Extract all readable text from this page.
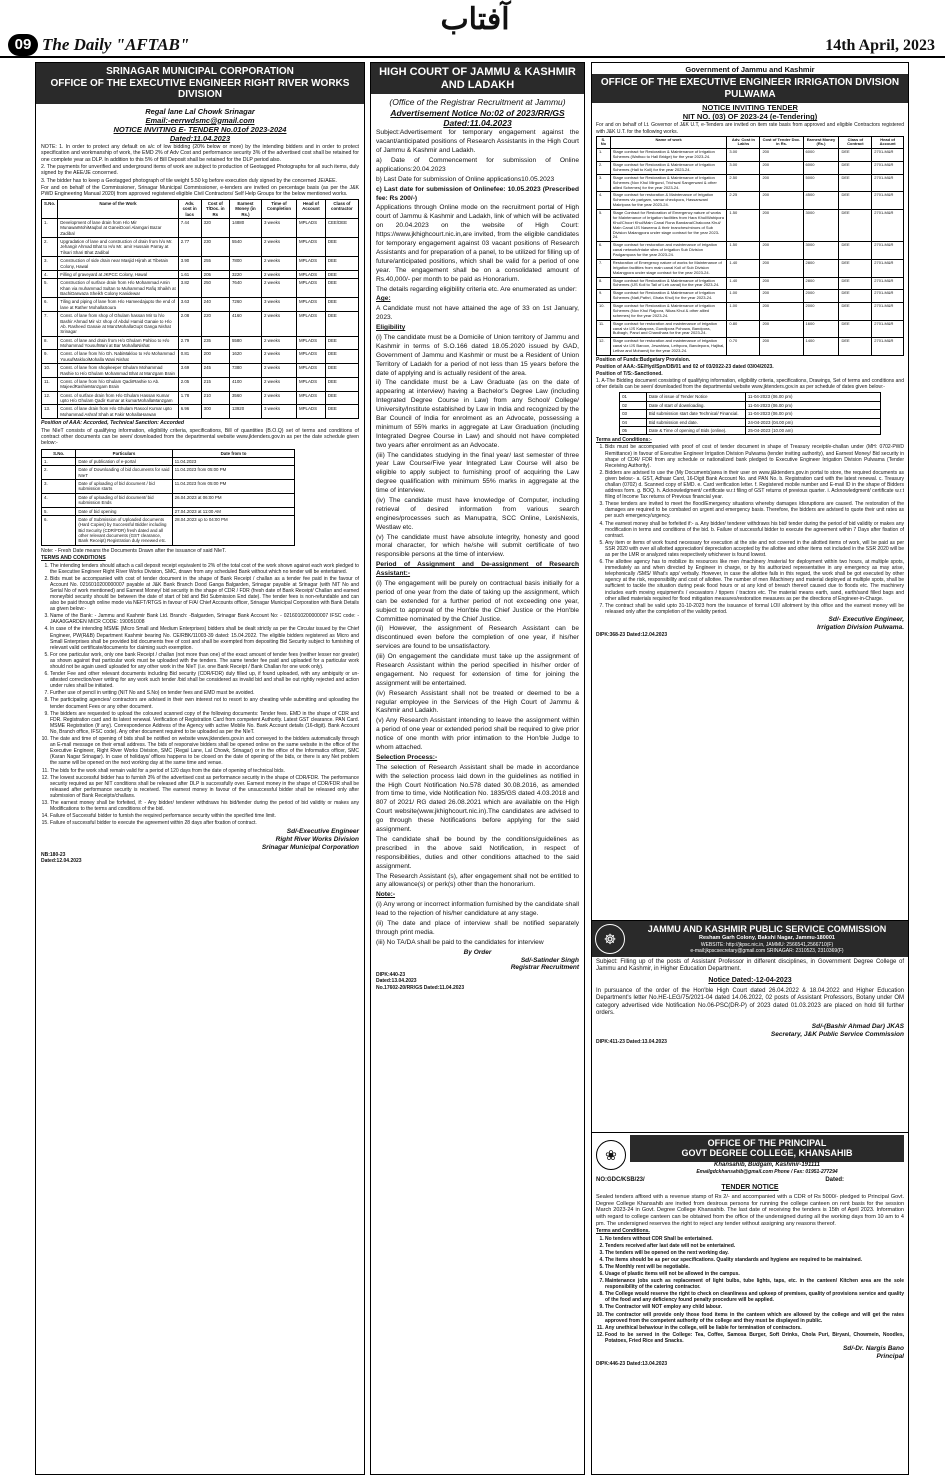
09 The Daily "AFTAB"
آفتاب
14th April, 2023
SRINAGAR MUNICIPAL CORPORATION
OFFICE OF THE EXECUTIVE ENGINEER RIGHT RIVER WORKS DIVISION
Regal lane Lal Chowk Srinagar
Email:-eerrwdsmc@gmail.com
NOTICE INVITING E- TENDER No.01of 2023-2024
Dated:11.04.2023

NOTE: 1. In order to protect any default on a/c of low bidding (20% below or more) by the intending bidders and in order to protect specification and workmanship of work, the EMD 2% of Adv Cost and performance security 3% of the advertised cost shall be retained for one complete year as DLP. In addition to this 5% of Bill Deposit shall be retained for the DLP period also.

2. The payments for unverified and underground items of work are subject to production of Geotagged Photographs for all such items, duly signed by the AEE/JE concerned.

3. The bidder has to keep a Geotagged photograph of tile weight 5.50 kg before execution duly signed by the concerned JE/AEE.

For and on behalf of the Commissioner, Srinagar Municipal Commissioner, e-tenders are invited on percentage basis (as per the J&K PWD Engineering Manual 2020) from approved registered eligible Civil Contractors/ Self Help Groups for the below mentioned works.

S.No.	Name of the Work	Adv. cost in lacs	Cost of T/Doc. in Rs	Earnest Money (in Rs.)	Time of Completion	Head of Account	Class of contractor
1.	Development of lane drain from H/o Mir MunawarMohiMaqbol at GaneiDoori Alamgari Bazar Zadibal	7.44	320	14880	3 weeks	MPLADS	CEE/DEE
2.	Upgradation of lane and construction of drain from h/o Mr. Jehangir Ahmad Bhat to H/o Mr. amir Hussain Parray at Tilsari Shari Bhat Zadibal	2.77	230	5540	2 weeks	MPLADS	DEE
3.	Construction of side drain near Masjid Hijrah at Tibetain Colony, Hawal	3.90	255	7800	2 weeks	MPLADS	DEE
4.	Filling of graveyard at JKPCC Colony, Hawal	1.61	205	3220	2 weeks	MPLADS	DEE
5.	Construction of surface drain from H/o Mohammad Amin Khan via muhammad Sultan to Muhammad Rafiq Shaikh at BachiDarwaza Sheikh Colony Kanidewar	3.82	250	7640	2 weeks	MPLADS	DEE
6.	Tiling and piping of lane from H/o Hameedajupto the end of lane at Rather MohallaSoura	3.63	240	7260	3 weeks	MPLADS	DEE
7.	Const. of lane from shop of Ghulam hassan Mir to h/o Bashir Ahmad Mir viz shop of Abdul Hamid Ganaie to H/o Ab. Rasheed Ganaie at ManzMohallaGupt Ganga Nishat Srinagar	2.08	220	4160	2 weeks	MPLADS	DEE
8.	Const. of lane and drain from H/o Ghulam Pahloo to H/o Mohammad YousufWani at Bar MohallaNishat	2.79	235	5580	2 weeks	MPLADS	DEE
9.	Const. of lane from h/o Gh. NabiMakloo to H/o Mohammad YousufMakloolMohalla Wani Nishat	0.81	200	1620	2 weeks	MPLADS	DEE
10.	Const. of lane from shopkeeper Ghulam Mohammad Rashie to H/o Ghulam Mohammad Bhat at Manzgam Brain	3.69	245	7380	2 weeks	MPLADS	DEE
11.	Const. of lane from h/o Ghulam QadirRashie to Ab. MajeedRashieManzgam Brain	2.05	215	4100	2 weeks	MPLADS	DEE
12.	Const. of surface drain from H/o Ghulam Hassan Kumar upto H/o Ghulam Qadir Kumar at kumarMohallaManzgam	1.78	210	3560	2 weeks	MPLADS	DEE
13.	Const. of lane drain from H/o Ghulam Rasool Kumar upto Mohammad Ashraf Shah at Fakir MohallaHarwan	6.96	300	13920	3 weeks	MPLADS	DEE

Position of AAA: Accorded, Technical Sanction: Accorded

The NIeT consists of qualifying information, eligibility criteria, specifications, Bill of quantities (B.O.Q) set of terms and conditions of contract other documents can be seen/ downloaded from the departmental website www.jktenders.gov.in as per the date schedule given below:-

S.No.	Particulars	Date from to
1.	Date of publication of e-portal	11.04.2023
2.	Date of Downloading of bid documents for said NIeT	11.04.2023 from 05:00 PM
3.	Date of uploading of bid document / bid submission starts	11.04.2023 from 05:00 PM
4.	Date of uploading of bid document/ bid submission Ends	26.04.2023 at 06:00 PM
5.	Date of bid opening	27.04.2023 at 11:00 AM
6.	Date of Submission of Uploaded documents (Hard Copies) by Successful Bidder including Bid Security (CDR/FDR) fresh dated and all other relevant documents (GST clearance, Bank Receipt) Registration duly renewed etc.	28.04.2023 up to 04:00 PM

Note: - Fresh Date means the Documents Drawn after the issuance of said NIeT.

TERMS AND CONDITIONS

1. The intending tenders should attach a call deposit receipt equivalent to 2% of the total cost of the work shown against each work pledged to the Executive Engineer Right River Works Division, SMC, drawn from any scheduled Bank without which no tender will be entertained.
2. Bids must be accompanied with cost of tender document in the shape of Bank Receipt / challan as a tender fee paid in the favour of Account No. 0216010200000007 payable at J&K Bank Branch Dood Ganga Balgarden, Srinagar payable at Srinagar (with NIT No and Serial No of work mentioned) and Earnest Money/ bid security in the shape of CDR / FDR (fresh date of Bank Receipt/ Challan and earned money/bid security should be between the date of start of bid and Bid Submission End date). The tender fees is non-refundable and can also be paid through online mode via NEFT/RTGS in favour of F/A/ Chief Accounts officer, Srinagar Municipal Corporation with Bank Details as given below:-
3. Name of the Bank: - Jammu and Kashmir Bank Ltd. Branch: -Balgarden, Srinagar Bank Account No: - 0216010200000007 IFSC code: -JAKA0GARDEN MICR CODE: 190051008
4. In case of the intending MSME (Micro Small and Medium Enterprises) bidders shall be dealt strictly as per the Circular issued by the Chief Engineer, PW(R&B) Department Kashmir bearing No. CE/RBK/11003-39 dated: 15.04.2022. The eligible bidders registered as Micro and Small Enterprises shall be provided bid documents free of cost and shall be exempted from depositing Bid Security subject to furnishing of relevant valid certificate/documents for claiming such exemption.
5. For one particular work, only one bank Receipt / challan (not more than one) of the exact amount of tender fees (neither lesser nor greater) as shown against that particular work must be uploaded with the tenders. The same tender fee paid and uploaded for a particular work should not be again used/ uploaded for any other work in the NIeT (i.e. one Bank Receipt / Bank Challan for one work only).
6. Tender Fee and other relevant documents including Bid security (CDR/FDR) duly filled up, if found uploaded, with any ambiguity or un-attested correction/over writing for any work such tender /bid shall be considered as invalid bid and shall be out rightly rejected and action under rules shall be initiated.
7. Further use of pencil in writing (NIT No and S.No) on tender fees and EMD must be avoided.
8. The participating agencies/ contractors are advised in their own interest not to resort to any cheating while submitting and uploading the tender document Fees or any other document.
9. The bidders are requested to upload the coloured scanned copy of the following documents: Tender fees. EMD in the shape of CDR and FDR. Registration card and its latest renewal. Verification of Registration Card from competent Authority. Latest GST clearance. PAN Card. MSME Registration (If any). Correspondence Address of the Agency with active Mobile No. Bank Account details (16-digit). Bank Account No, Branch office, IFSC code). Any other document required to be uploaded as per the NIeT.
10. The date and time of opening of bids shall be notified on website www.jktenders.gov.in and conveyed to the bidders automatically through an E-mail message on their email address. The bids of responsive bidders shall be opened online on the same website in the office of the Executive Engineer, Right River Works Division, SMC (Regal Lane, Lal Chowk, Srinagar) or in the office of the Informatics officer, SMC (Karan Nagar Srinagar). In case of holidays/ offices happens to be closed on the date of opening of the bids, or there is any Net problem the same will be opened on the next working day at the same time and venue.
11. The bids for the work shall remain valid for a period of 120 days from the date of opening of technical bids.
12. The lowest successful bidder has to furnish 3% of the advertised cost as performance security in the shape of CDR/FDR. The performance security required as per NIT conditions shall be released after DLP is successfully over. Earnest money in the shape of CDR/FDR shall be released after performance security is received. The earnest money in favour of the unsuccessful bidder shall be released only after submission of Bank Receipts/challans.
13. The earnest money shall be forfeited, if: - Any bidder/ tenderer withdraws his bid/tender during the period of bid validity or makes any Modifications to the terms and conditions of the bid.
14. Failure of Successful bidder to furnish the required performance security within the specified time limit.
15. Failure of successful bidder to execute the agreement within 28 days after fixation of contract.
Sd/-Executive Engineer
Right River Works Division
Srinagar Municipal Corporation
NB:180-23
Dated:12.04.2023
HIGH COURT OF JAMMU & KASHMIR AND LADAKH
(Office of the Registrar Recruitment at Jammu)
Advertisement Notice No:02 of 2023/RR/GS
Dated:11.04.2023

Subject:Advertisement for temporary engagement against the vacant/anticipated positions of Research Assistants in the High Court of Jammu & Kashmir and Ladakh.

a) Date of Commencement for submission of Online applications:20.04.2023

b) Last Date for submission of Online applications10.05.2023

c) Last date for submission of Onlinefee: 10.05.2023 (Prescribed fee: Rs 200/-)

Applications through Online mode on the recruitment portal of High court of Jammu & Kashmir and Ladakh, link of which will be activated on 20.04.2023 on the website of High Court: https://www.jkhighcourt.nic.in,are invited, from the eligible candidates for temporary engagement against 03 vacant positions of Research Assistants and for preparation of a panel, to be utilized for filling up of future/anticipated positions, which shall be valid for a period of one year. The engagement shall be on a consolidated amount of Rs.40,000/- per month to be paid as Honorarium.

The details regarding eligibility criteria etc. Are enumerated as under:

Age:

A Candidate must not have attained the age of 33 on 1st January, 2023.

Eligibility

(i) The candidate must be a Domicile of Union territory of Jammu and Kashmir in terms of S.O.166 dated 18.05.2020 issued by GAD, Government of Jammu and Kashmir or must be a Resident of Union Territory of Ladakh for a period of not less than 15 years before the date of applying and is actually resident of the area.

ii) The candidate must be a Law Graduate (as on the date of appearing at interview) having a Bachelor's Degree Law (including Integrated Degree Course in Law) from any School/ College/ University/Institute established by Law in India and recognized by the Bar Council of India for enrolment as an Advocate, possessing a minimum of 55% marks in aggregate at Law Graduation (including Integrated Degree Course in Law) and should not have completed two years after enrolment as an Advocate.

(iii) The candidates studying in the final year/ last semester of three year Law Course/Five year Integrated Law Course will also be eligible to apply subject to furnishing proof of acquiring the Law degree qualification with minimum 55% marks in aggregate at the time of interview.

(iv) The candidate must have knowledge of Computer, including retrieval of desired information from various search engines/processes such as Manupatra, SCC Online, LexisNexis, Westlaw etc.

(v) The candidate must have absolute integrity, honesty and good moral character, for which he/she will submit certificate of two responsible persons at the time of interview.

Period of Assignment and De-assignment of Research Assistant:-

(i) The engagement will be purely on contractual basis initially for a period of one year from the date of taking up the assignment, which can be extended for a further period of not exceeding one year, subject to approval of the Hon'ble the Chief Justice or the Hon'ble Committee nominated by the Chief Justice.

(ii) However, the assignment of Research Assistant can be discontinued even before the completion of one year, if his/her services are found to be unsatisfactory.

(iii) On engagement the candidate must take up the assignment of Research Assistant within the period specified in his/her order of engagement. No request for extension of time for joining the assignment will be entertained.

(iv) Research Assistant shall not be treated or deemed to be a regular employee in the Services of the High Court of Jammu & Kashmir and Ladakh.

(v) Any Research Assistant intending to leave the assignment within a period of one year or extended period shall be required to give prior notice of one month with prior intimation to the Hon'ble Judge to whom attached.

Selection Process:-

The selection of Research Assistant shall be made in accordance with the selection process laid down in the guidelines as notified in the High Court Notification No.578 dated 30.08.2016, as amended from time to time, vide Notification No. 1835/GS dated 4.03.2018 and 807 of 2021/ RG dated 26.08.2021 which are available on the High Court website(www.jkhighcourt.nic.in).The candidates are advised to go through these Notifications before applying for the said assignment.

The candidate shall be bound by the conditions/guidelines as prescribed in the above said Notification, in respect of responsibilities, duties and other conditions attached to the said assignment.

The Research Assistant (s), after engagement shall not be entitled to any allowance(s) or perk(s) other than the honorarium.

Note:-

(i) Any wrong or incorrect information furnished by the candidate shall lead to the rejection of his/her candidature at any stage.

(ii) The date and place of interview shall be notified separately through print media.

(iii) No TA/DA shall be paid to the candidates for interview

By Order
Sd/-Satinder Singh
Registrar Recruitment
DIPK:440-23
Dated:13.04.2023
No.17602-20/RR/GS Dated:11.04.2023
Government of Jammu and Kashmir
OFFICE OF THE EXECUTIVE ENGINEER IRRIGATION DIVISION PULWAMA
NOTICE INVITING TENDER
NIT NO. (03) OF 2023-24 (e-Tendering)

For and on behalf of Lt. Governor of J&K U.T, e-Tenders are invited on item rate basis from approved and eligible Contractors registered with J&K U.T. for the following works.

S. No	Name of work	Adv. Cost in Lakhs	Cost of Tender Doc. in Rs.	Earnest Money (Rs.)	Class of Contract	Head of Account
1.	Stage contract for Restoration & Maintenance of Irrigation Schemes (Wathoo to Hall Bridge) for the year 2023-24.	3.00	200	6000	DEE	2701-M&R
2.	Stage contract for Restoration & Maintenance of Irrigation Schemes (Hall to Koil) for the year 2023-24.	3.00	200	6000	DEE	2701-M&R
3.	Stage contract for Restoration & Maintenance of Irrigation Schemes (Nov Khul Mirgund, Trichwal Sangerwani & other allied Schemes) for the year 2023-24.	2.50	200	5000	DEE	2701-M&R
4.	Stage contract for restoration & Maintenance of Irrigation Schemes viz parigam, vamar checkpora, Hassanwani Makripora for the year 2023-24.	2.25	200	4500	DEE	2701-M&R
5.	Stage Contract for Restoration of Emergency nature of works for Maintenance of Irrigation facilities from Hara Khul/Wahipora Khul/Choori Khul/Main Canal Rona Bandana/Chakoora Khul/ Main Canal IJS Naseena & their branches/minors of Sub Division Malangpora under stage contract for the year 2023-24.	1.50	200	3000	DEE	2701-M&R
6.	Stage contract for restoration and maintenance of irrigation canal network/intake sites of Irrigation Sub Division Padgampora for the year 2023-24.	1.50	200	3000	DEE	2701-M&R
7.	Restoration of Emergency nature of works for Maintenance of Irrigation facilities from main canal Koil of Sub Division Malangpora under stage contract for the year 2023-24.	1.40	200	2800	DEE	2701-M&R
8.	Stage contract for Restoration & Maintenance of Irrigation Schemes (IJS Koil to Tail of Leh canal) for the year 2023-24.	1.40	200	2800	DEE	2701-M&R
9.	Stage contract for Restoration & Maintenance of Irrigation Schemes (Nati,Pathri, Ghata Khul) for the year 2023-24.	1.00	200	2000	DEE	2701-M&R
10.	Stage contract for Restoration & Maintenance of Irrigation Schemes (Nov Khul Rajpora, Nikas Khul & other allied schemes) for the year 2023-24.	1.00	200	2000	DEE	2701-M&R
11.	Stage contract for restoration and maintenance of irrigation canal viz IJS Kakapora, Gundipora Pohowa, Bandpora, Bulbagh, Panzi and Chandhara for the year 2023-24.	0.80	200	1600	DEE	2701-M&R
12.	Stage contract for restoration and maintenance of irrigation canal viz IJS Baroon, Jewahiwa, Lethpora, Bandepora, Hajibal, Lethar and Mohanvij for the year 2023-24.	0.70	200	1400	DEE	2701-M&R

Position of Funds:Budgetary Provision.

Position of AAA:-SE/Hyd/Spn/DB/01 and 02 of 03/2022-23 dated 03/04/2023.

Position of T/S:-Sanctioned.

1. A-The Bidding document consisting of qualifying information, eligibility criteria, specifications, Drawings, Set of terms and conditions and other details can be seen/ downloaded from the departmental website www.jktenders.gov.in as per schedule of dates given below:-

01	Date of issue of Tender Notice	11-04-2023 (06.00 pm)
02	Date of start of downloading.	11-04-2023 (06.00 pm)
03	Bid submission start date Technical/ Financial.	11-04-2023 (06.00 pm)
04	Bid submission end date.	24-04-2023 (04.00 pm)
05	Date & Time of opening of Bids (online).	25-04-2023 (10.00 am)

Terms and Conditions:-

1. Bids must be accompanied with proof of cost of tender document in shape of Treasury receipt/e-challan under (MH: 0702-PWD Remittance) in favour of Executive Engineer Irrigation Division Pulwama (tender inviting authority), and Earnest Money/ Bid security in shape of CDR/ FDR from any schedule or nationalized bank pledged to Executive Engineer Irrigation Division Pulwama (Tender Receiving Authority).
2. Bidders are advised to use the (My Documents)area in their user on www.j&ktenders.gov.in portal to store, the required documents as given below:- a. GST, Adhaar Card, 16-Digit Bank Account No. and PAN No. b. Registration card with the latest renewal. c. Treasury challan (0702) d. Scanned copy of EMD. e. Card verification letter. f. Registered mobile number and E-mail ID in the shape of Bidders address form. g. BOQ. h. Acknowledgment/ certificate w.r.t filing of GST returns of previous quarter. i. Acknowledgment/ certificate w.r.t filing of Income Tax returns of Previous financial year.
3. These tenders are invited to meet the flood/Emergency situations whereby damages /disruptions are caused. The restoration of the damages are required to be combated on urgent and emergency basis. Therefore, the bidders are advised to quote their unit rates as per such emergency/urgency.
4. The earnest money shall be forfeited if:- a. Any bidder/ tenderer withdraws his bid/ tender during the period of bid validity or makes any modification in terms and conditions of the bid. b. Failure of successful bidder to execute the agreement within 7 Days after fixation of contract.
5. Any item or items of work found necessary for execution at the site and not covered in the allotted items of work, will be paid as per SSR 2020 with over all allotted appreciation/ depreciation accepted by the allottee and other items not included in the SSR 2020 will be as per the LMR or analyzed rates respectively whichever is found lowest.
6. The allottee agency has to mobilize its resources like men /machinery /material for deployment within two hours, at multiple spots, immediately as and when directed by Engineer in charge, or by his authorized representative in any emergency as may arise, telephonically /SMS/ What's app/ verbally. However, in case the allottee fails in this regard, the work shall be got executed by other agency at the risk, responsibility and cost of allottee. The number of men /Machinery and material deployed at multiple spots, shall be sufficient to tackle the situation during peak flood hours or at any kind of breach thereof caused due to floods etc. The machinery includes earth moving equipment's / excavators / tippers / tractors etc. The material means earth, sand, earth/sand filled bags and other allied materials required for flood mitigation measures/restoration measures as per the directions of Engineer-in-Charge.
7. The contract shall be valid upto 31-10-2023 from the issuance of formal LOI/ allotment by this office and the earnest money will be released only after the completion of the validity period.
Sd/- Executive Engineer,
Irrigation Division Pulwama.
DIPK:368-23 Dated:12.04.2023
☸
JAMMU AND KASHMIR PUBLIC SERVICE COMMISSION
Resham Garh Colony, Bakshi Nagar, Jammu-180001
WEBSITE: http://jkpsc.nic.in, JAMMU: 2566541,2566710(F)
e-mail:jkpscsecretary@gmail.com SRINAGAR: 2310523, 2310369(F)

Subject: Filling up of the posts of Assistant Professor in different disciplines, in Government Degree College of Jammu and Kashmir, in Higher Education Department.

Notice Dated:-12-04-2023

In pursuance of the order of the Hon'ble High Court dated 26.04.2022 & 18.04.2022 and Higher Education Department's letter No.HE-LEG/75/2021-04 dated 14.06.2022, 02 posts of Assistant Professors, Botany under OM category advertised vide Notification No.06-PSC(DR-P) of 2023 dated 01.03.2023 are placed on hold till further orders.

Sd/-(Bashir Ahmad Dar) JKAS
Secretary, J&K Public Service Commission
DIPK:411-23 Dated:13.04.2023
❀
OFFICE OF THE PRINCIPAL
GOVT DEGREE COLLEGE, KHANSAHIB
Khansahib, Budgam, Kashmir-191111
Emailgdckhansahib@gmail.com Phone / Fax: 01951-277294
NO:GDC/KSB/23/	Dated:
TENDER NOTICE

Sealed tenders affixed with a revenue stamp of Rs 2/- and accompanied with a CDR of Rs 5000/- pledged to Principal Govt. Degree College Khansahib are invited from desirous persons for running the college canteen on rent basis for the session March 2023-24 in Govt. Degree College Khansahib. The last date of receiving the tenders is 15th of April 2023. Information with regard to college canteen can be obtained from the office of the undersigned during all the working days from 10 am to 4 pm. The undersigned reserves the right to reject any tender without assigning any reasons thereof.

Terms and Conditions.

1. No tenders without CDR Shall be entertained.
2. Tenders received after last date will not be entertained.
3. The tenders will be opened on the next working day.
4. The items should be as per our specifications. Quality standards and hygiene are required to be maintained.
5. The Monthly rent will be negotiable.
6. Usage of plastic items will not be allowed in the campus.
7. Maintenance jobs such as replacement of light bulbs, tube lights, taps, etc. in the canteen/ Kitchen area are the sole responsibility of the catering contractor.
8. The College would reserve the right to check on cleanliness and upkeep of premises, quality of provisions service and quality of the food and any deficiency found penalty procedure will be applied.
9. The Contractor will NOT employ any child labour.
10. The contractor will provide only those food items in the canteen which are allowed by the college and will get the rates approved from the competent authority of the college and they must be displayed in public.
11. Any unethical behaviour in the college, will be liable for termination of contractors.
12. Food to be served in the College: Tea, Coffee, Samosa Burger, Soft Drinks, Chola Puri, Biryani, Chowmein, Noodles, Potatoes, Fried Rice and Snacks.
Sd/-Dr. Nargis Bano
Principal
DIPK:446-23 Dated:13.04.2023
